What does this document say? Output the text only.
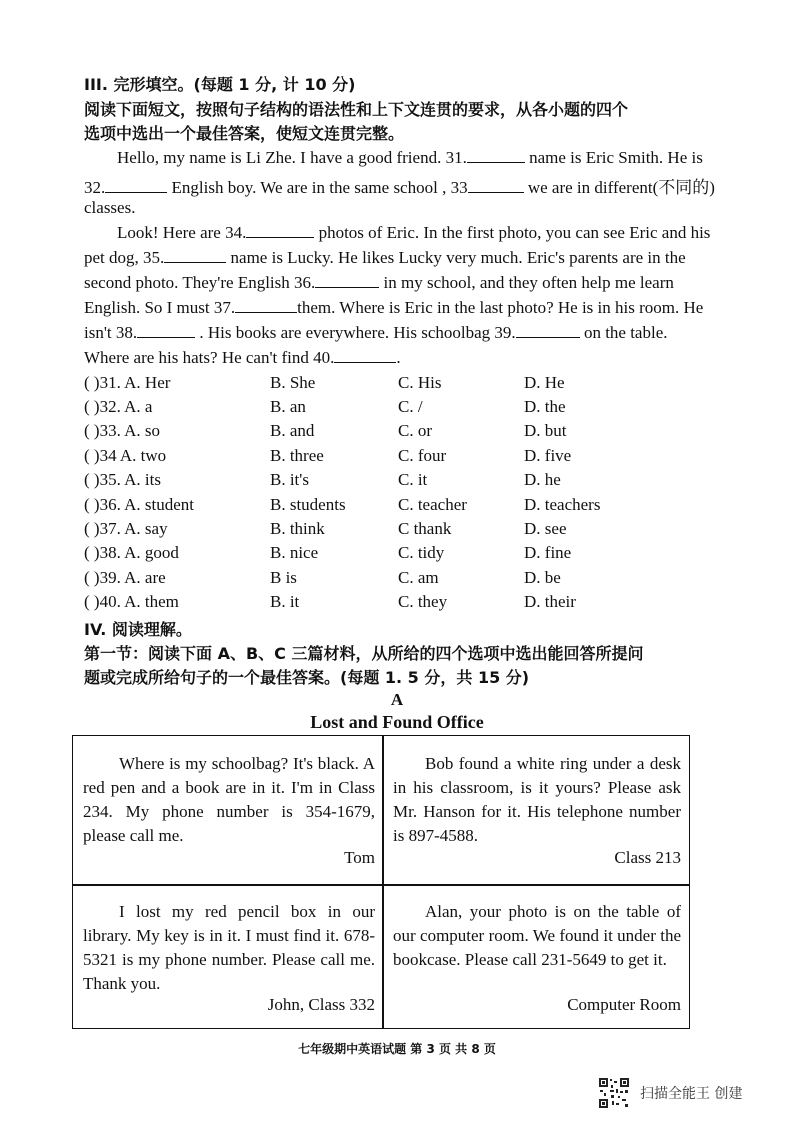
III. 完形填空。(每题 1 分, 计 10 分)
阅读下面短文，按照句子结构的语法性和上下文连贯的要求，从各小题的四个
选项中选出一个最佳答案，使短文连贯完整。
Hello, my name is Li Zhe. I have a good friend. 31.	name is Eric Smith. He is
32.	English boy. We are in the same school , 33	we are in different(不同的)
classes.
Look! Here are 34.	photos of Eric. In the first photo, you can see Eric and his
pet dog, 35.	name is Lucky. He likes Lucky very much. Eric's parents are in the
second photo. They're English 36.	in my school, and they often help me learn
English. So I must 37.	them. Where is Eric in the last photo? He is in his room. He
isn't 38.	. His books are everywhere. His schoolbag 39.	on the table.
Where are his hats? He can't find 40.	.
( )31. A. Her	B. She	C. His	D. He
( )32. A. a	B. an	C. /	D. the
( )33. A. so	B. and	C. or	D. but
( )34 A. two	B. three	C. four	D. five
( )35. A. its	B. it's	C. it	D. he
( )36. A. student	B. students	C. teacher	D. teachers
( )37. A. say	B. think	C thank	D. see
( )38. A. good	B. nice	C. tidy	D. fine
( )39. A. are	B is	C. am	D. be
( )40. A. them	B. it	C. they	D. their
IV. 阅读理解。
第一节：阅读下面 A、B、C 三篇材料，从所给的四个选项中选出能回答所提问
题或完成所给句子的一个最佳答案。(每题 1. 5 分，共 15 分)
A
Lost and Found Office

Where is my schoolbag? It's black. A red pen and a book are in it. I'm in Class 234. My phone number is 354-1679, please call me.

Tom

Bob found a white ring under a desk in his classroom, is it yours? Please ask Mr. Hanson for it. His telephone number is 897-4588.

Class 213

I lost my red pencil box in our library. My key is in it. I must find it. 678-5321 is my phone number. Please call me. Thank you.

John, Class 332

Alan, your photo is on the table of our computer room. We found it under the bookcase. Please call 231-5649 to get it.

Computer Room
七年级期中英语试题 第 3 页 共 8 页
扫描全能王 创建
